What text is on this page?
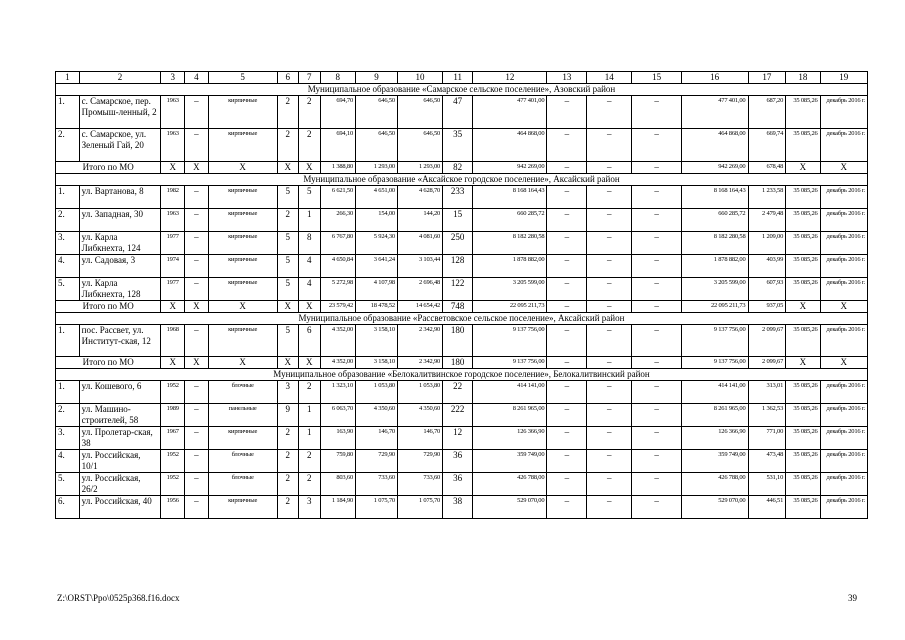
1	2	3	4	5	6	7	8	9	10	11	12	13	14	15	16	17	18	19
Муниципальное образование «Самарское сельское поселение», Азовский район																		
1.	с. Самарское, пер. Промыш-ленный, 2	1963	–	кирпичные	2	2	694,70	646,50	646,50	47	477 401,00	–	–	–	477 401,00	687,20	35 085,26	декабрь 2016 г.
2.	с. Самарское, ул. Зеленый Гай, 20	1963	–	кирпичные	2	2	694,10	646,50	646,50	35	464 868,00	–	–	–	464 868,00	669,74	35 085,26	декабрь 2016 г.
Итого по МО		X	X	X	X	X	1 388,80	1 293,00	1 293,00	82	942 269,00	–	–	–	942 269,00	678,48	X	X
Муниципальное образование «Аксайское городское поселение», Аксайский район																		
1.	ул. Вартанова, 8	1982	–	кирпичные	5	5	6 621,50	4 651,00	4 628,70	233	8 168 164,43	–	–	–	8 168 164,43	1 233,58	35 085,26	декабрь 2016 г.
2.	ул. Западная, 30	1963	–	кирпичные	2	1	266,30	154,00	144,20	15	660 285,72	–	–	–	660 285,72	2 479,48	35 085,26	декабрь 2016 г.
3.	ул. Карла Либкнехта, 124	1977	–	кирпичные	5	8	6 767,80	5 924,30	4 081,60	250	8 182 280,58	–	–	–	8 182 280,58	1 209,00	35 085,26	декабрь 2016 г.
4.	ул. Садовая, 3	1974	–	кирпичные	5	4	4 650,84	3 641,24	3 103,44	128	1 878 882,00	–	–	–	1 878 882,00	403,99	35 085,26	декабрь 2016 г.
5.	ул. Карла Либкнехта, 128	1977	–	кирпичные	5	4	5 272,98	4 107,98	2 696,48	122	3 205 599,00	–	–	–	3 205 599,00	607,93	35 085,26	декабрь 2016 г.
Итого по МО		X	X	X	X	X	23 579,42	18 478,52	14 654,42	748	22 095 211,73	–	–	–	22 095 211,73	937,05	X	X
Муниципальное образование «Рассветовское сельское поселение», Аксайский район																		
1.	пос. Рассвет, ул. Институт-ская, 12	1968	–	кирпичные	5	6	4 352,00	3 158,10	2 342,90	180	9 137 756,00	–	–	–	9 137 756,00	2 099,67	35 085,26	декабрь 2016 г.
Итого по МО		X	X	X	X	X	4 352,00	3 158,10	2 342,90	180	9 137 756,00	–	–	–	9 137 756,00	2 099,67	X	X
Муниципальное образование «Белокалитвинское городское поселение», Белокалитвинский район																		
1.	ул. Кошевого, 6	1952	–	блочные	3	2	1 323,10	1 053,80	1 053,80	22	414 141,00	–	–	–	414 141,00	313,01	35 085,26	декабрь 2016 г.
2.	ул. Машино-строителей, 58	1989	–	панельные	9	1	6 063,70	4 350,60	4 350,60	222	8 261 965,00	–	–	–	8 261 965,00	1 362,53	35 085,26	декабрь 2016 г.
3.	ул. Пролетар-ская, 38	1967	–	кирпичные	2	1	163,90	146,70	146,70	12	126 366,90	–	–	–	126 366,90	771,00	35 085,26	декабрь 2016 г.
4.	ул. Российская, 10/1	1952	–	блочные	2	2	759,80	729,90	729,90	36	359 749,00	–	–	–	359 749,00	473,48	35 085,26	декабрь 2016 г.
5.	ул. Российская, 26/2	1952	–	блочные	2	2	803,60	733,60	733,60	36	426 788,00	–	–	–	426 788,00	531,10	35 085,26	декабрь 2016 г.
6.	ул. Российская, 40	1956	–	кирпичные	2	3	1 184,90	1 075,70	1 075,70	38	529 070,00	–	–	–	529 070,00	446,51	35 085,26	декабрь 2016 г.
Z:\ORST\Ppo\0525p368.f16.docx	39
